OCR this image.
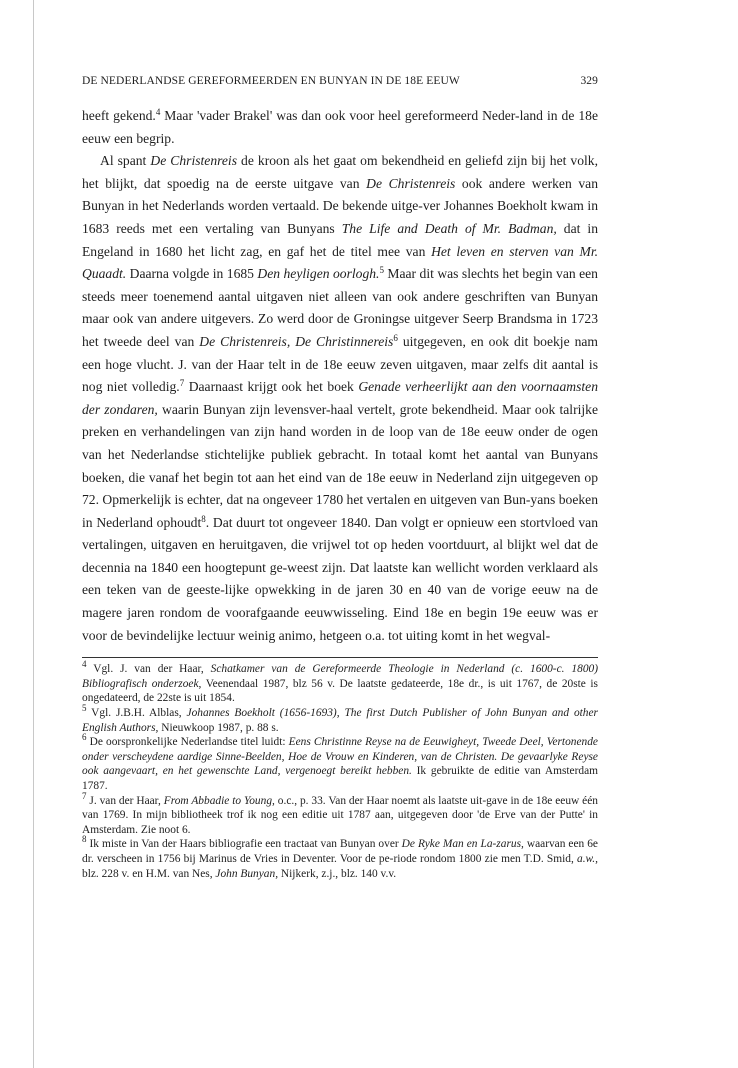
DE NEDERLANDSE GEREFORMEERDEN EN BUNYAN IN DE 18E EEUW	329

heeft gekend.$^4$ Maar 'vader Brakel' was dan ook voor heel gereformeerd Neder-land in de 18e eeuw een begrip.

Al spant De Christenreis de kroon als het gaat om bekendheid en geliefd zijn bij het volk, het blijkt, dat spoedig na de eerste uitgave van De Christenreis ook andere werken van Bunyan in het Nederlands worden vertaald. De bekende uitge-ver Johannes Boekholt kwam in 1683 reeds met een vertaling van Bunyans The Life and Death of Mr. Badman, dat in Engeland in 1680 het licht zag, en gaf het de titel mee van Het leven en sterven van Mr. Quaadt. Daarna volgde in 1685 Den heyligen oorlogh.$^5$ Maar dit was slechts het begin van een steeds meer toenemend aantal uitgaven niet alleen van ook andere geschriften van Bunyan maar ook van andere uitgevers. Zo werd door de Groningse uitgever Seerp Brandsma in 1723 het tweede deel van De Christenreis, De Christinnereis$^6$ uitgegeven, en ook dit boekje nam een hoge vlucht. J. van der Haar telt in de 18e eeuw zeven uitgaven, maar zelfs dit aantal is nog niet volledig.$^7$ Daarnaast krijgt ook het boek Genade verheerlijkt aan den voornaamsten der zondaren, waarin Bunyan zijn levensver-haal vertelt, grote bekendheid. Maar ook talrijke preken en verhandelingen van zijn hand worden in de loop van de 18e eeuw onder de ogen van het Nederlandse stichtelijke publiek gebracht. In totaal komt het aantal van Bunyans boeken, die vanaf het begin tot aan het eind van de 18e eeuw in Nederland zijn uitgegeven op 72. Opmerkelijk is echter, dat na ongeveer 1780 het vertalen en uitgeven van Bun-yans boeken in Nederland ophoudt$^8$. Dat duurt tot ongeveer 1840. Dan volgt er opnieuw een stortvloed van vertalingen, uitgaven en heruitgaven, die vrijwel tot op heden voortduurt, al blijkt wel dat de decennia na 1840 een hoogtepunt ge-weest zijn. Dat laatste kan wellicht worden verklaard als een teken van de geeste-lijke opwekking in de jaren 30 en 40 van de vorige eeuw na de magere jaren rondom de voorafgaande eeuwwisseling. Eind 18e en begin 19e eeuw was er voor de bevindelijke lectuur weinig animo, hetgeen o.a. tot uiting komt in het wegval-

$^4$ Vgl. J. van der Haar, Schatkamer van de Gereformeerde Theologie in Nederland (c. 1600-c. 1800) Bibliografisch onderzoek, Veenendaal 1987, blz 56 v. De laatste gedateerde, 18e dr., is uit 1767, de 20ste is ongedateerd, de 22ste is uit 1854.

$^5$ Vgl. J.B.H. Alblas, Johannes Boekholt (1656-1693), The first Dutch Publisher of John Bunyan and other English Authors, Nieuwkoop 1987, p. 88 s.

$^6$ De oorspronkelijke Nederlandse titel luidt: Eens Christinne Reyse na de Eeuwigheyt, Tweede Deel, Vertonende onder verscheydene aardige Sinne-Beelden, Hoe de Vrouw en Kinderen, van de Christen. De gevaarlyke Reyse ook aangevaart, en het gewenschte Land, vergenoegt bereikt hebben. Ik gebruikte de editie van Amsterdam 1787.

$^7$ J. van der Haar, From Abbadie to Young, o.c., p. 33. Van der Haar noemt als laatste uit-gave in de 18e eeuw één van 1769. In mijn bibliotheek trof ik nog een editie uit 1787 aan, uitgegeven door 'de Erve van der Putte' in Amsterdam. Zie noot 6.

$^8$ Ik miste in Van der Haars bibliografie een tractaat van Bunyan over De Ryke Man en La-zarus, waarvan een 6e dr. verscheen in 1756 bij Marinus de Vries in Deventer. Voor de pe-riode rondom 1800 zie men T.D. Smid, a.w., blz. 228 v. en H.M. van Nes, John Bunyan, Nijkerk, z.j., blz. 140 v.v.
